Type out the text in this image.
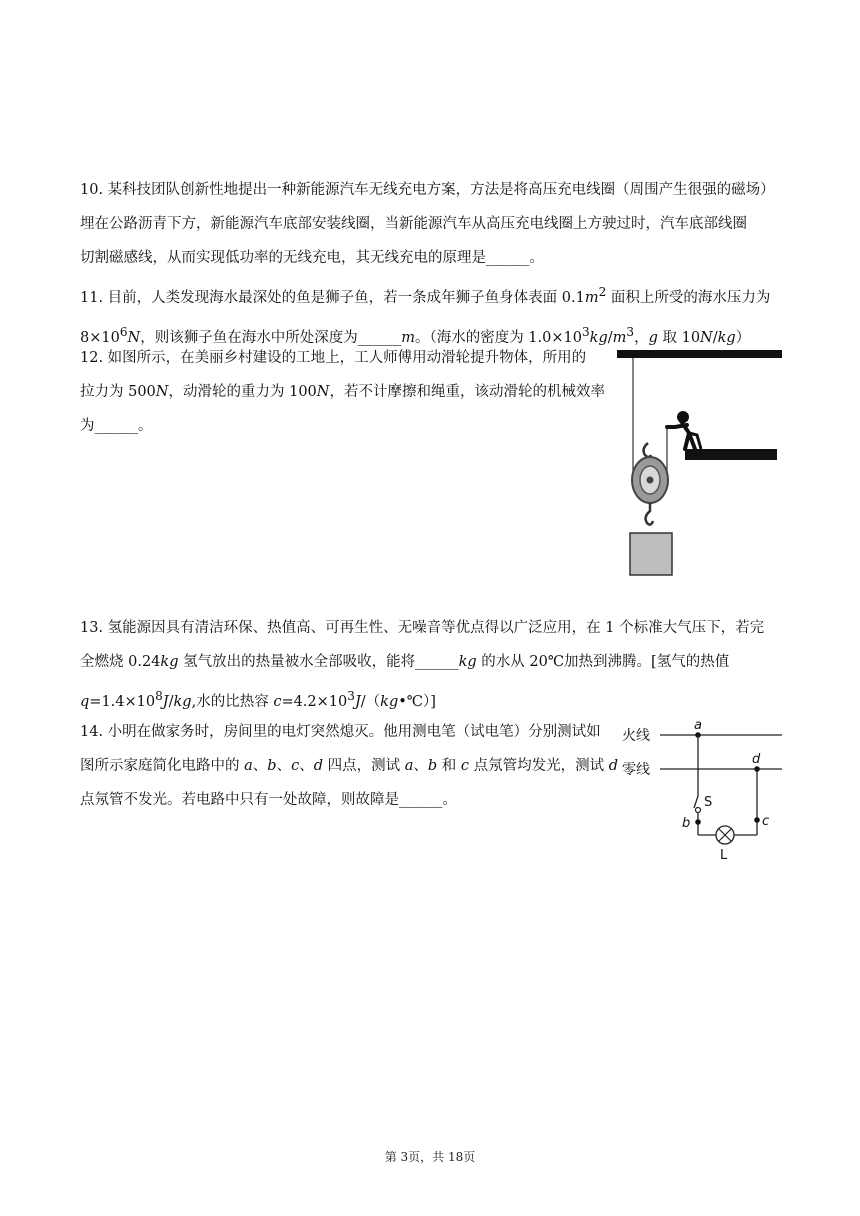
10. 某科技团队创新性地提出一种新能源汽车无线充电方案，方法是将高压充电线圈（周围产生很强的磁场）

埋在公路沥青下方，新能源汽车底部安装线圈，当新能源汽车从高压充电线圈上方驶过时，汽车底部线圈

切割磁感线，从而实现低功率的无线充电，其无线充电的原理是______。

11. 目前，人类发现海水最深处的鱼是狮子鱼，若一条成年狮子鱼身体表面 $0.1m^2$ 面积上所受的海水压力为

$8\times 10^6N$，则该狮子鱼在海水中所处深度为______m。（海水的密度为 $1.0\times 10^3kg/m^3$，g 取 10N/kg）

12. 如图所示，在美丽乡村建设的工地上，工人师傅用动滑轮提升物体，所用的

拉力为 500N，动滑轮的重力为 100N，若不计摩擦和绳重，该动滑轮的机械效率

为______。

13. 氢能源因具有清洁环保、热值高、可再生性、无噪音等优点得以广泛应用，在 1 个标准大气压下，若完

全燃烧 0.24kg 氢气放出的热量被水全部吸收，能将______kg 的水从 20℃加热到沸腾。[氢气的热值

$q=1.4\times 10^8J/kg$,水的比热容 $c=4.2\times 10^3J/(kg•℃)$]

14. 小明在做家务时，房间里的电灯突然熄灭。他用测电笔（试电笔）分别测试如

图所示家庭简化电路中的 a、b、c、d 四点，测试 a、b 和 c 点氖管均发光，测试 d

点氖管不发光。若电路中只有一处故障，则故障是______。

火线
零线
a
S
b
L
d
c
第 3页，共 18页
